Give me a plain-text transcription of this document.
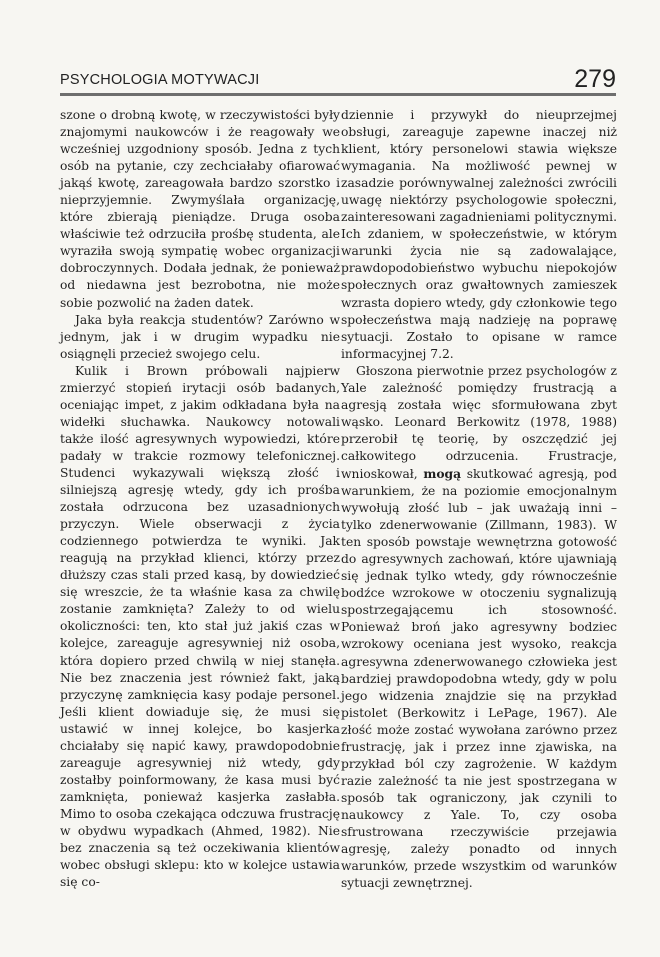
PSYCHOLOGIA MOTYWACJI	279

szone o drobną kwotę, w rzeczywistości były znajomymi naukowców i że reagowały we wcześniej uzgodniony sposób. Jedna z tych osób na pytanie, czy zechciałaby ofiarować jakąś kwotę, zareagowała bardzo szorstko i nieprzyjemnie. Zwymyślała organizację, które zbierają pieniądze. Druga osoba właściwie też odrzuciła prośbę studenta, ale wyraziła swoją sympatię wobec organizacji dobroczynnych. Dodała jednak, że ponieważ od niedawna jest bezrobotna, nie może sobie pozwolić na żaden datek.

Jaka była reakcja studentów? Zarówno w jednym, jak i w drugim wypadku nie osiągnęli przecież swojego celu.

Kulik i Brown próbowali najpierw zmierzyć stopień irytacji osób badanych, oceniając impet, z jakim odkładana była na widełki słuchawka. Naukowcy notowali także ilość agresywnych wypowiedzi, które padały w trakcie rozmowy telefonicznej. Studenci wykazywali większą złość i silniejszą agresję wtedy, gdy ich prośba została odrzucona bez uzasadnionych przyczyn. Wiele obserwacji z życia codziennego potwierdza te wyniki. Jak reagują na przykład klienci, którzy przez dłuższy czas stali przed kasą, by dowiedzieć się wreszcie, że ta właśnie kasa za chwilę zostanie zamknięta? Zależy to od wielu okoliczności: ten, kto stał już jakiś czas w kolejce, zareaguje agresywniej niż osoba, która dopiero przed chwilą w niej stanęła. Nie bez znaczenia jest również fakt, jaką przyczynę zamknięcia kasy podaje personel. Jeśli klient dowiaduje się, że musi się ustawić w innej kolejce, bo kasjerka chciałaby się napić kawy, prawdopodobnie zareaguje agresywniej niż wtedy, gdy zostałby poinformowany, że kasa musi być zamknięta, ponieważ kasjerka zasłabła. Mimo to osoba czekająca odczuwa frustrację w obydwu wypadkach (Ahmed, 1982). Nie bez znaczenia są też oczekiwania klientów wobec obsługi sklepu: kto w kolejce ustawia się co-

dziennie i przywykł do nieuprzejmej obsługi, zareaguje zapewne inaczej niż klient, który personelowi stawia większe wymagania. Na możliwość pewnej w zasadzie porównywalnej zależności zwrócili uwagę niektórzy psychologowie społeczni, zainteresowani zagadnieniami politycznymi. Ich zdaniem, w społeczeństwie, w którym warunki życia nie są zadowalające, prawdopodobieństwo wybuchu niepokojów społecznych oraz gwałtownych zamieszek wzrasta dopiero wtedy, gdy członkowie tego społeczeństwa mają nadzieję na poprawę sytuacji. Zostało to opisane w ramce informacyjnej 7.2.

Głoszona pierwotnie przez psychologów z Yale zależność pomiędzy frustracją a agresją została więc sformułowana zbyt wąsko. Leonard Berkowitz (1978, 1988) przerobił tę teorię, by oszczędzić jej całkowitego odrzucenia. Frustracje, wnioskował, mogą skutkować agresją, pod warunkiem, że na poziomie emocjonalnym wywołują złość lub – jak uważają inni – tylko zdenerwowanie (Zillmann, 1983). W ten sposób powstaje wewnętrzna gotowość do agresywnych zachowań, które ujawniają się jednak tylko wtedy, gdy równocześnie bodźce wzrokowe w otoczeniu sygnalizują spostrzegającemu ich stosowność. Ponieważ broń jako agresywny bodziec wzrokowy oceniana jest wysoko, reakcja agresywna zdenerwowanego człowieka jest bardziej prawdopodobna wtedy, gdy w polu jego widzenia znajdzie się na przykład pistolet (Berkowitz i LePage, 1967). Ale złość może zostać wywołana zarówno przez frustrację, jak i przez inne zjawiska, na przykład ból czy zagrożenie. W każdym razie zależność ta nie jest spostrzegana w sposób tak ograniczony, jak czynili to naukowcy z Yale. To, czy osoba sfrustrowana rzeczywiście przejawia agresję, zależy ponadto od innych warunków, przede wszystkim od warunków sytuacji zewnętrznej.
